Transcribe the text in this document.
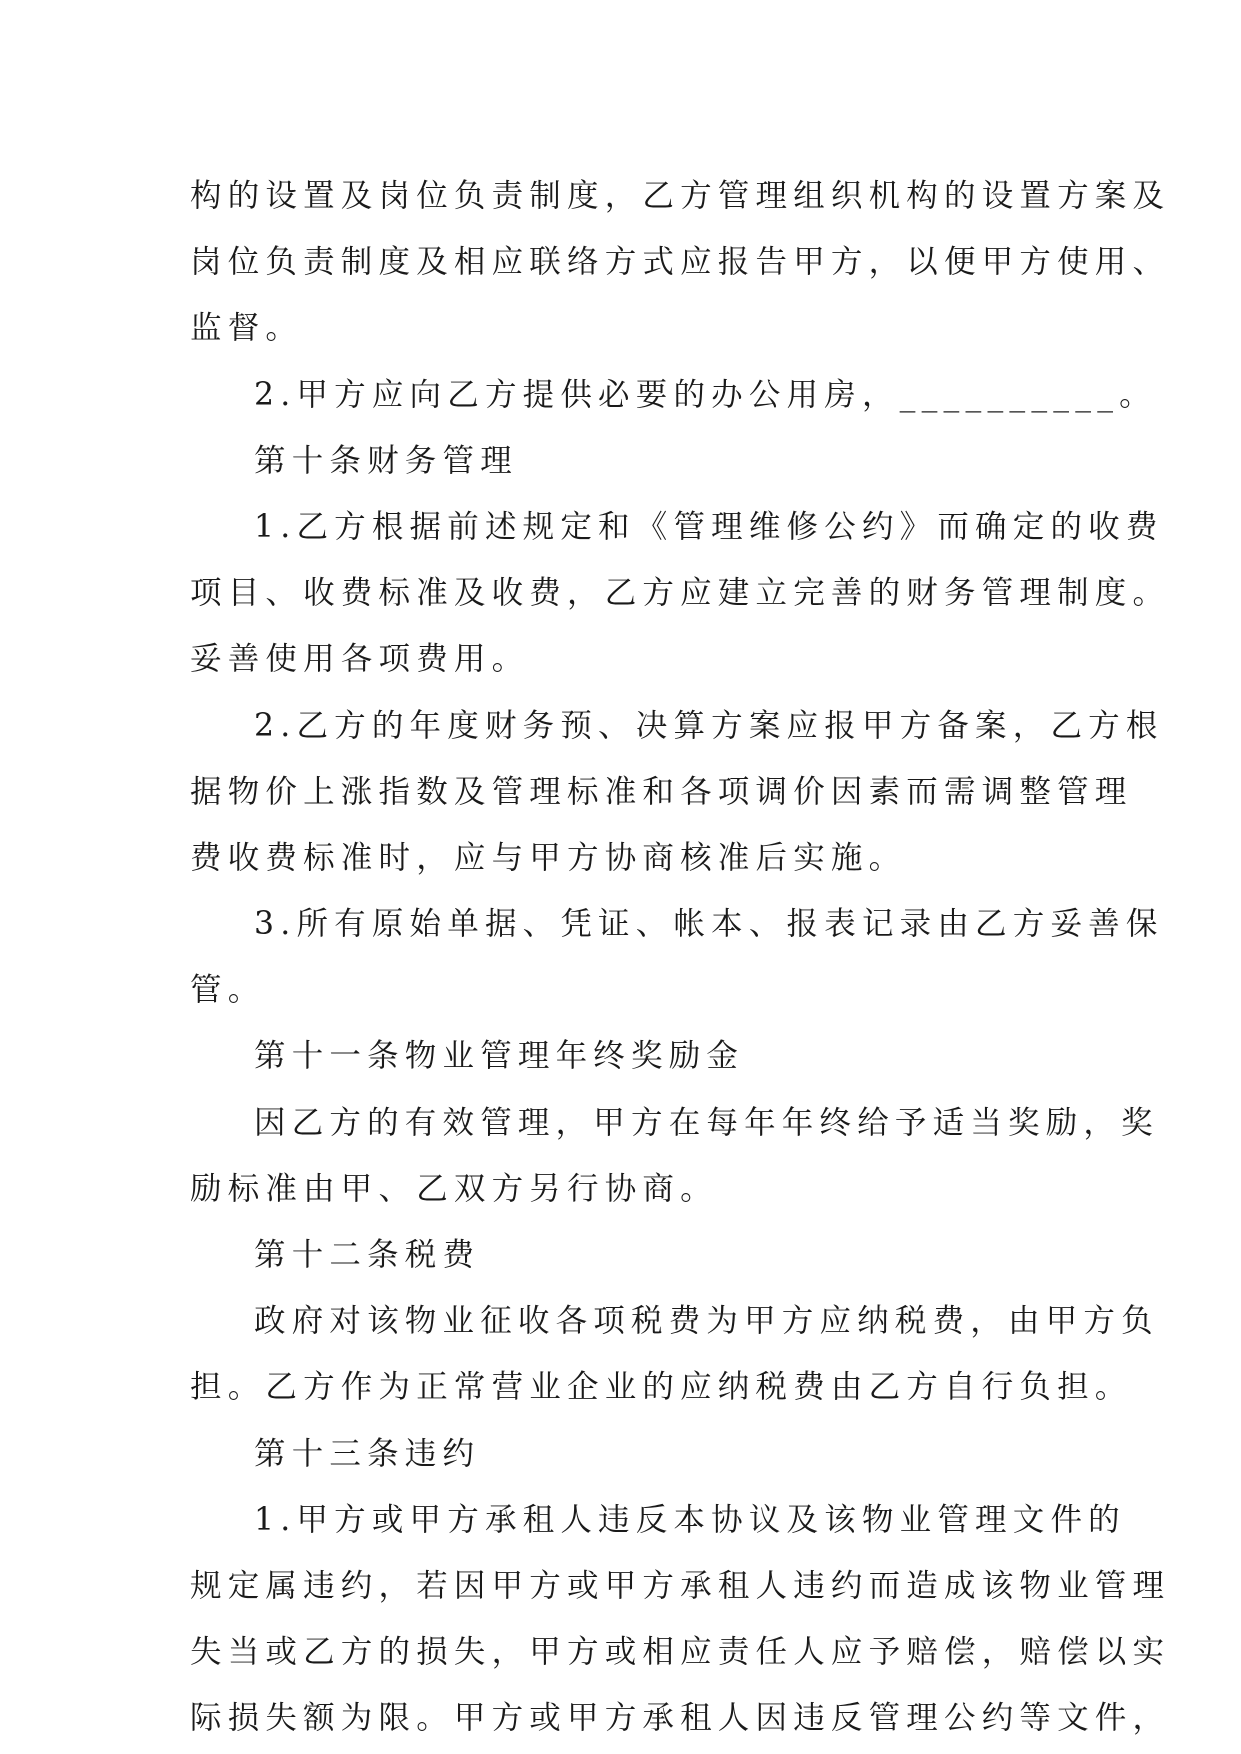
构的设置及岗位负责制度，乙方管理组织机构的设置方案及
岗位负责制度及相应联络方式应报告甲方，以便甲方使用、
监督。
2.甲方应向乙方提供必要的办公用房，__________。
第十条财务管理
1.乙方根据前述规定和《管理维修公约》而确定的收费
项目、收费标准及收费，乙方应建立完善的财务管理制度。
妥善使用各项费用。
2.乙方的年度财务预、决算方案应报甲方备案，乙方根
据物价上涨指数及管理标准和各项调价因素而需调整管理
费收费标准时，应与甲方协商核准后实施。
3.所有原始单据、凭证、帐本、报表记录由乙方妥善保
管。
第十一条物业管理年终奖励金
因乙方的有效管理，甲方在每年年终给予适当奖励，奖
励标准由甲、乙双方另行协商。
第十二条税费
政府对该物业征收各项税费为甲方应纳税费，由甲方负
担。乙方作为正常营业企业的应纳税费由乙方自行负担。
第十三条违约
1.甲方或甲方承租人违反本协议及该物业管理文件的
规定属违约，若因甲方或甲方承租人违约而造成该物业管理
失当或乙方的损失，甲方或相应责任人应予赔偿，赔偿以实
际损失额为限。甲方或甲方承租人因违反管理公约等文件，
